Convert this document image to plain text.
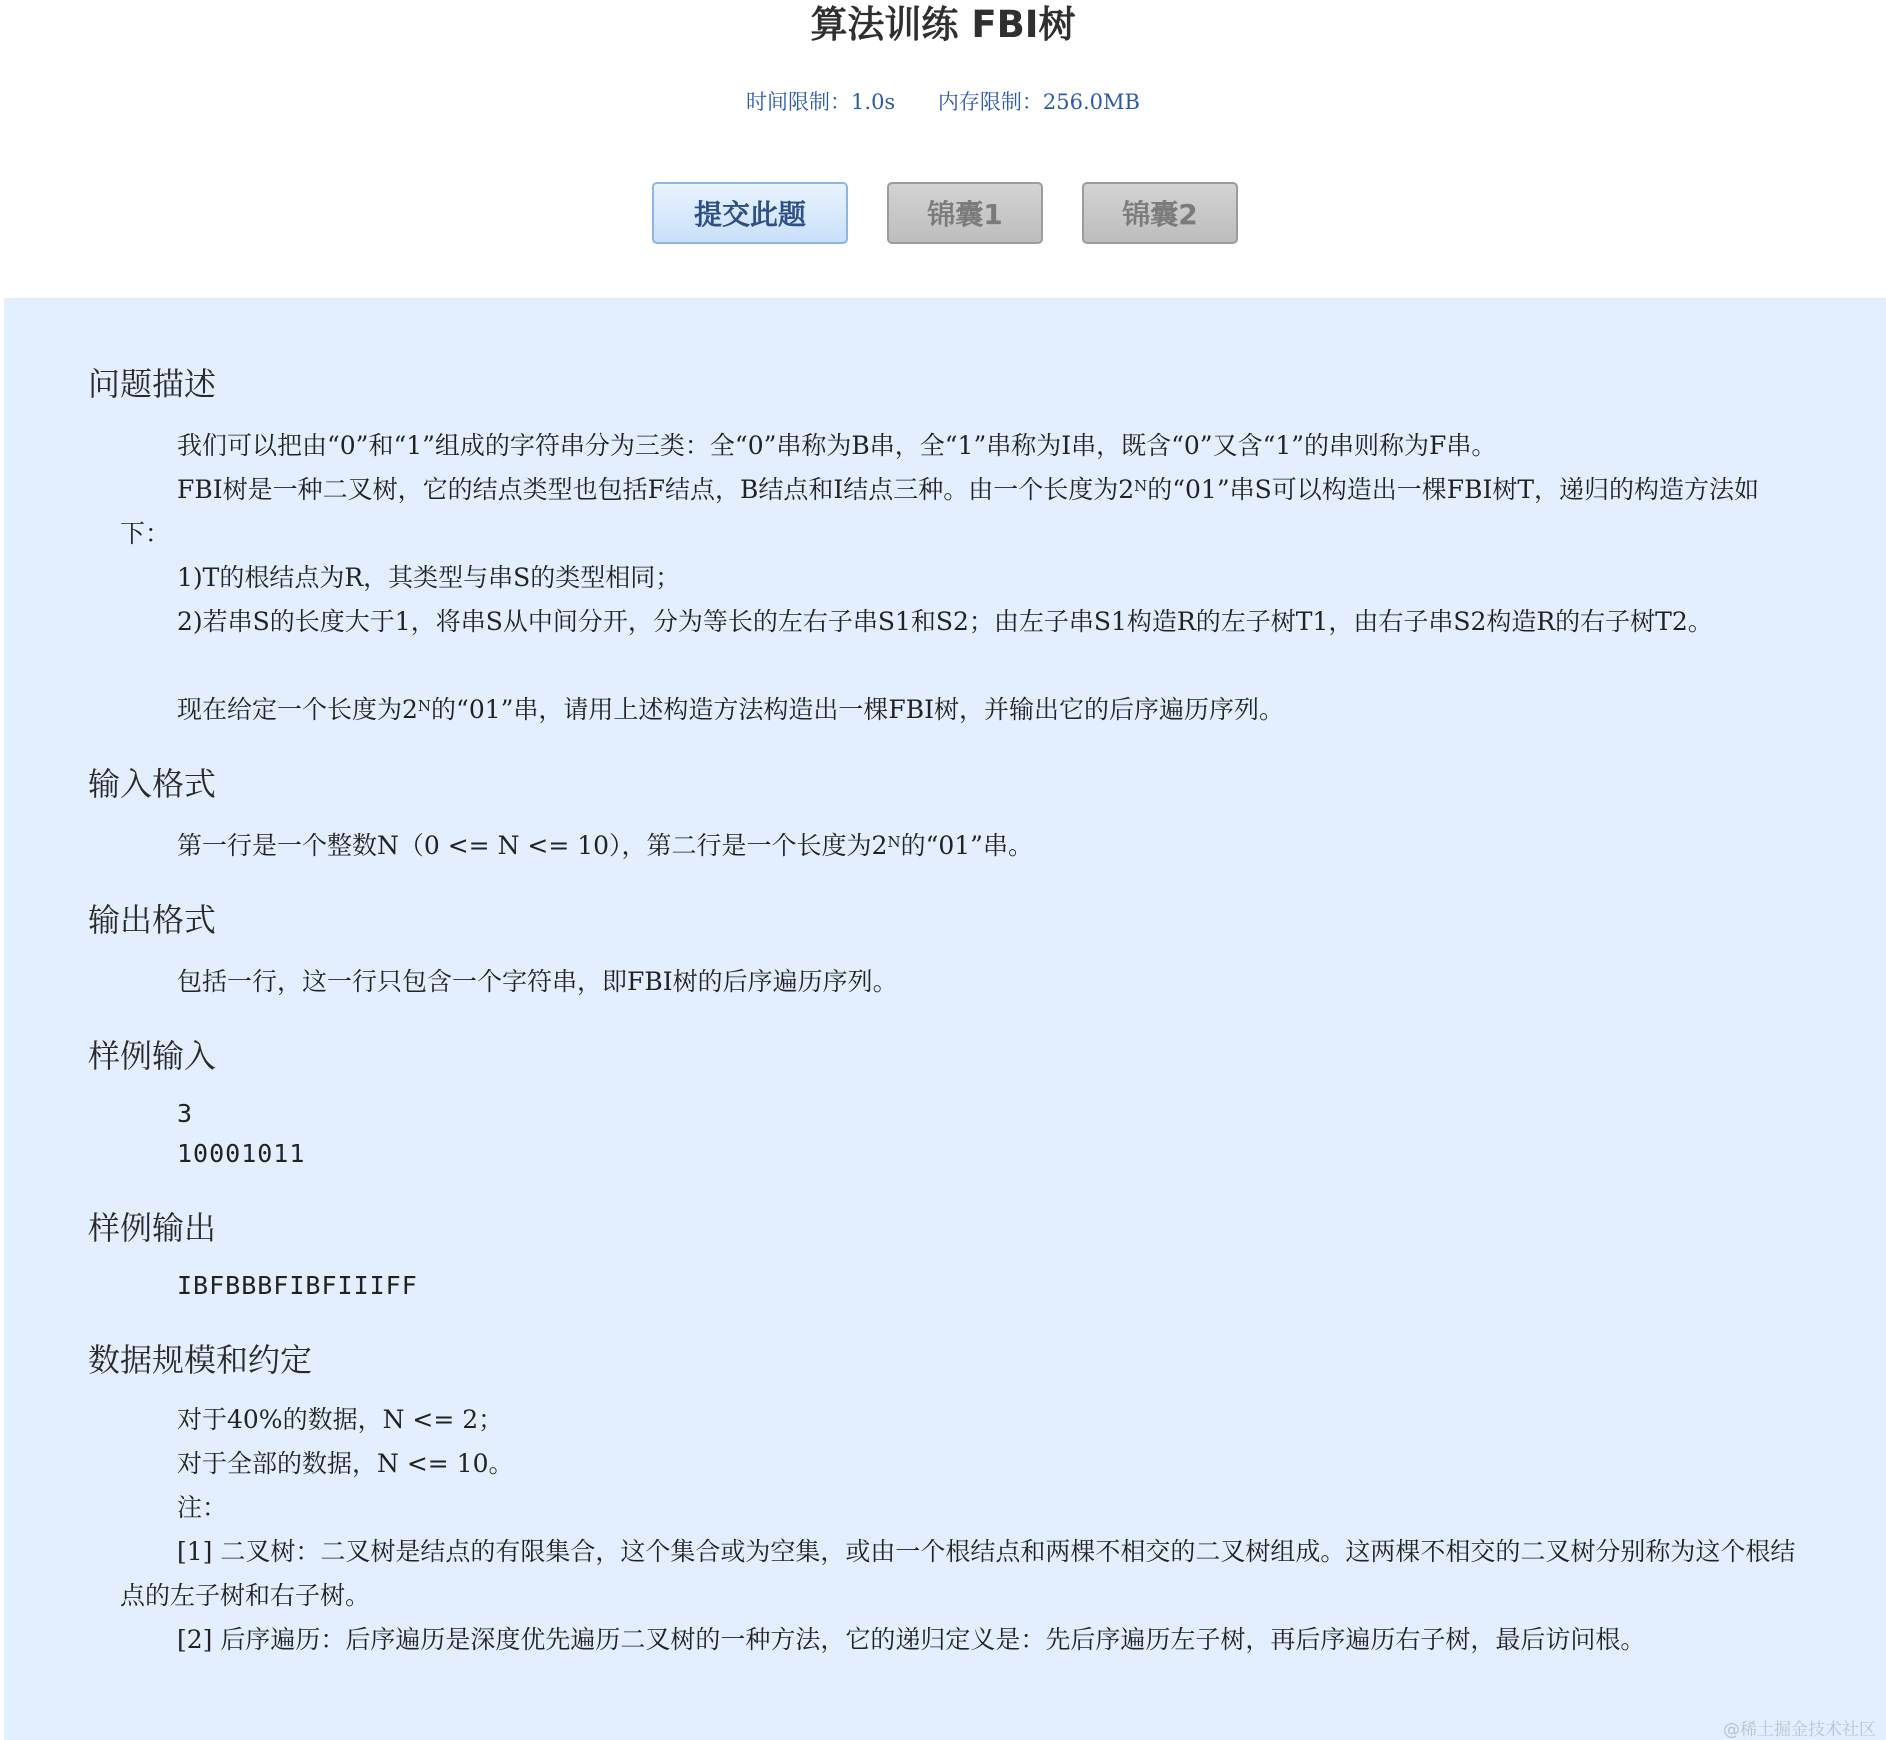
算法训练 FBI树
时间限制：1.0s 内存限制：256.0MB
提交此题	锦囊1	锦囊2
问题描述
我们可以把由“0”和“1”组成的字符串分为三类：全“0”串称为B串，全“1”串称为I串，既含“0”又含“1”的串则称为F串。
FBI树是一种二叉树，它的结点类型也包括F结点，B结点和I结点三种。由一个长度为$2^N$的“01”串S可以构造出一棵FBI树T，递归的构造方法如下：
1)T的根结点为R，其类型与串S的类型相同；
2)若串S的长度大于1，将串S从中间分开，分为等长的左右子串S1和S2；由左子串S1构造R的左子树T1，由右子串S2构造R的右子树T2。
现在给定一个长度为$2^N$的“01”串，请用上述构造方法构造出一棵FBI树，并输出它的后序遍历序列。
输入格式
第一行是一个整数N（0 <= N <= 10），第二行是一个长度为$2^N$的“01”串。
输出格式
包括一行，这一行只包含一个字符串，即FBI树的后序遍历序列。
样例输入
3
10001011
样例输出
IBFBBBFIBFIIIFF
数据规模和约定
对于40%的数据，N <= 2；
对于全部的数据，N <= 10。
注：
[1] 二叉树：二叉树是结点的有限集合，这个集合或为空集，或由一个根结点和两棵不相交的二叉树组成。这两棵不相交的二叉树分别称为这个根结点的左子树和右子树。
[2] 后序遍历：后序遍历是深度优先遍历二叉树的一种方法，它的递归定义是：先后序遍历左子树，再后序遍历右子树，最后访问根。
@稀土掘金技术社区
